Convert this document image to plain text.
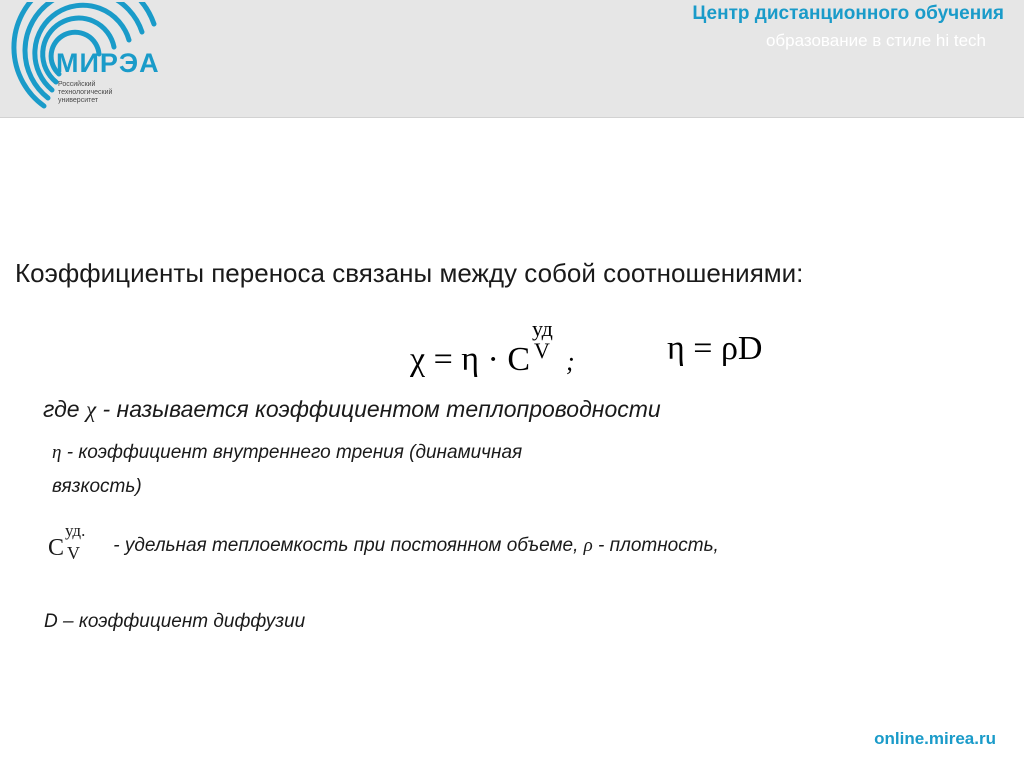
МИРЭА
Российский технологический университет
Центр дистанционного обучения
образование в стиле hi tech
Коэффициенты переноса связаны между собой соотношениями:
χ = η · C
уд
V ;	η = ρD
где χ - называется коэффициентом теплопроводности
η - коэффициент внутреннего трения (динамичная
вязкость)
C
уд.
V - удельная теплоемкость при постоянном объеме, ρ - плотность,
D – коэффициент диффузии
online.mirea.ru
